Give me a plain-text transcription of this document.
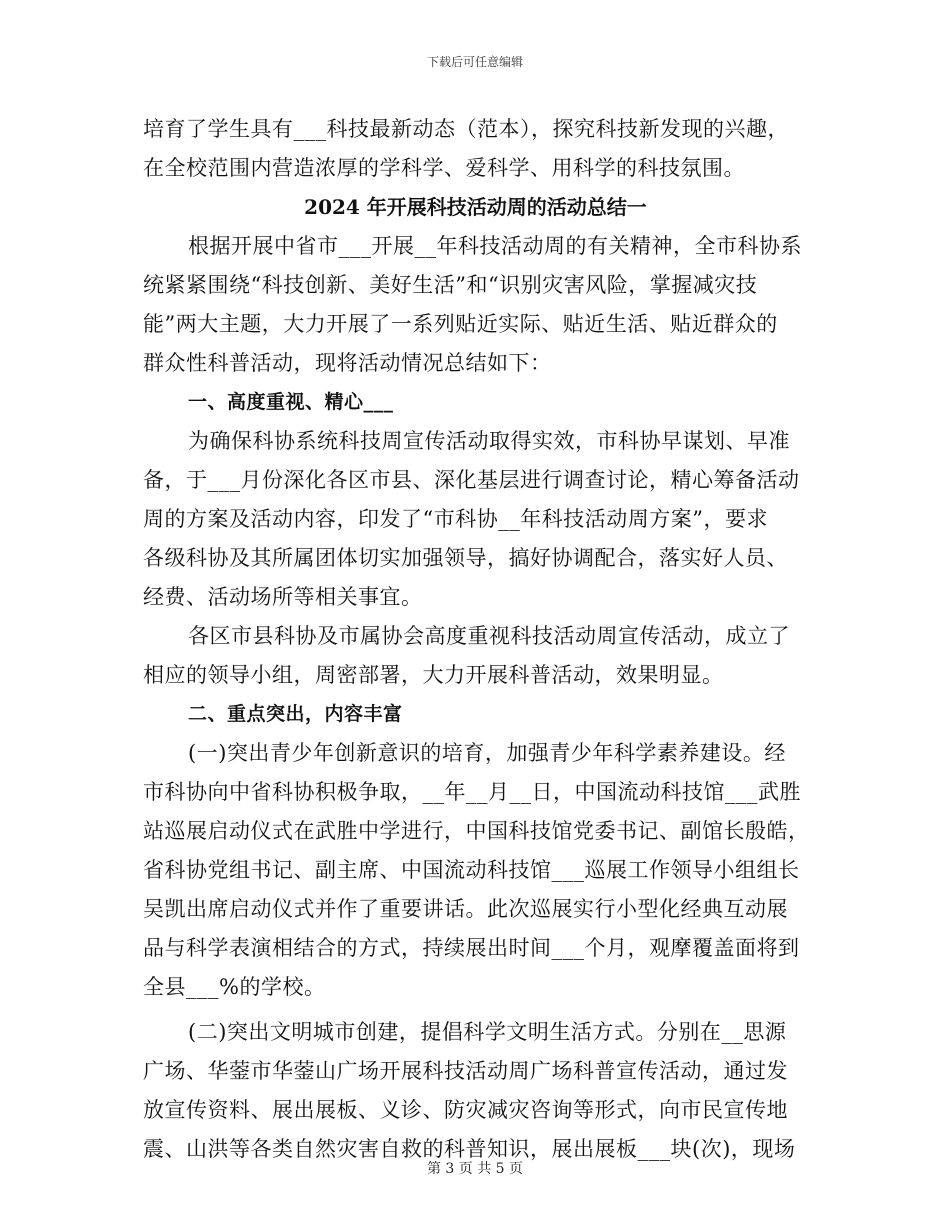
下载后可任意编辑
培育了学生具有___科技最新动态（范本），探究科技新发现的兴趣，
在全校范围内营造浓厚的学科学、爱科学、用科学的科技氛围。
2024 年开展科技活动周的活动总结一
根据开展中省市___开展__年科技活动周的有关精神，全市科协系
统紧紧围绕“科技创新、美好生活”和“识别灾害风险，掌握减灾技
能”两大主题，大力开展了一系列贴近实际、贴近生活、贴近群众的
群众性科普活动，现将活动情况总结如下：
一、高度重视、精心___
为确保科协系统科技周宣传活动取得实效，市科协早谋划、早准
备，于___月份深化各区市县、深化基层进行调查讨论，精心筹备活动
周的方案及活动内容，印发了“市科协__年科技活动周方案”，要求
各级科协及其所属团体切实加强领导，搞好协调配合，落实好人员、
经费、活动场所等相关事宜。
各区市县科协及市属协会高度重视科技活动周宣传活动，成立了
相应的领导小组，周密部署，大力开展科普活动，效果明显。
二、重点突出，内容丰富
(一)突出青少年创新意识的培育，加强青少年科学素养建设。经
市科协向中省科协积极争取，__年__月__日，中国流动科技馆___武胜
站巡展启动仪式在武胜中学进行，中国科技馆党委书记、副馆长殷皓，
省科协党组书记、副主席、中国流动科技馆___巡展工作领导小组组长
吴凯出席启动仪式并作了重要讲话。此次巡展实行小型化经典互动展
品与科学表演相结合的方式，持续展出时间___个月，观摩覆盖面将到
全县___%的学校。
(二)突出文明城市创建，提倡科学文明生活方式。分别在__思源
广场、华蓥市华蓥山广场开展科技活动周广场科普宣传活动，通过发
放宣传资料、展出展板、义诊、防灾减灾咨询等形式，向市民宣传地
震、山洪等各类自然灾害自救的科普知识，展出展板___块(次)，现场
第 3 页 共 5 页
